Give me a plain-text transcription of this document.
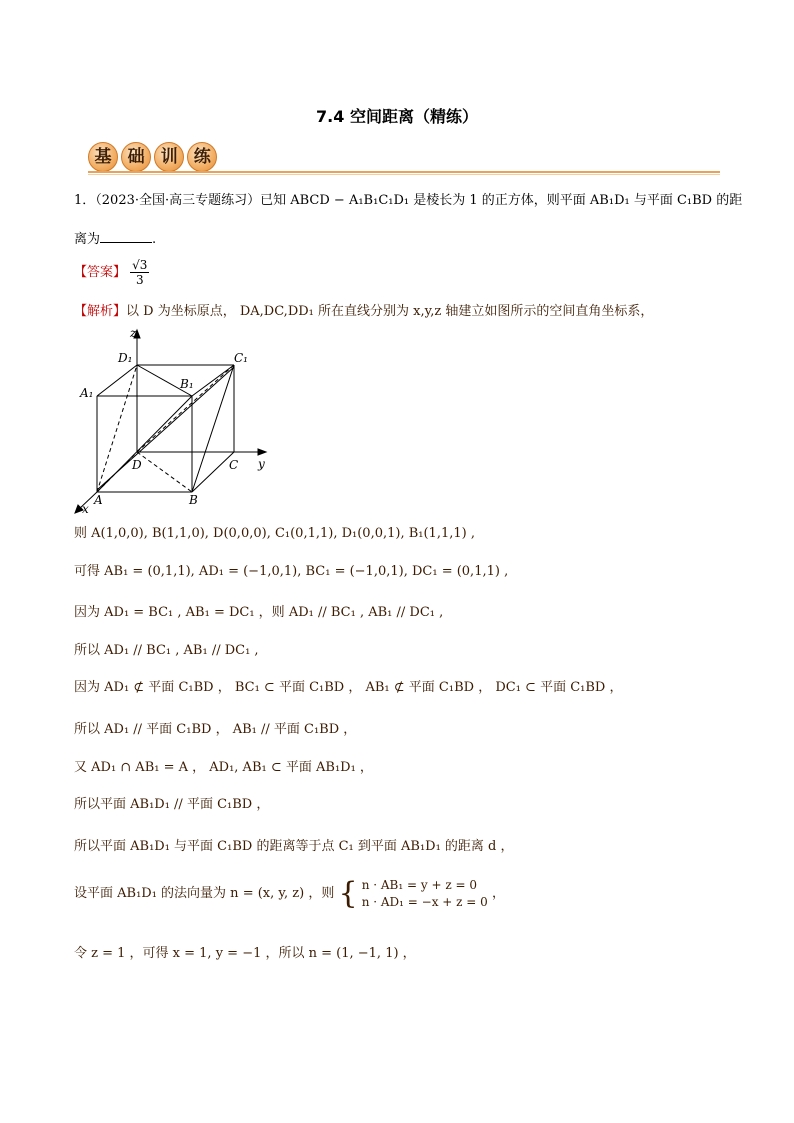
7.4 空间距离（精练）
基 础 训 练
1．（2023·全国·高三专题练习）已知 ABCD − A₁B₁C₁D₁ 是棱长为 1 的正方体，则平面 AB₁D₁ 与平面 C₁BD 的距
离为	.
【答案】 $\frac{√3}{3}$
【解析】以 D 为坐标原点， DA,DC,DD₁ 所在直线分别为 x,y,z 轴建立如图所示的空间直角坐标系，
z
y
x
D₁	C₁
A₁
B₁
D	C
A	B
则 A(1,0,0), B(1,1,0), D(0,0,0), C₁(0,1,1), D₁(0,0,1), B₁(1,1,1) ,
可得 AB₁ = (0,1,1), AD₁ = (−1,0,1), BC₁ = (−1,0,1), DC₁ = (0,1,1) ,
因为 AD₁ = BC₁ , AB₁ = DC₁ ，则 AD₁ // BC₁ , AB₁ // DC₁ ,
所以 AD₁ // BC₁ , AB₁ // DC₁ ,
因为 AD₁ ⊄ 平面 C₁BD ， BC₁ ⊂ 平面 C₁BD ， AB₁ ⊄ 平面 C₁BD ， DC₁ ⊂ 平面 C₁BD ，
所以 AD₁ // 平面 C₁BD ， AB₁ // 平面 C₁BD ，
又 AD₁ ∩ AB₁ = A ， AD₁, AB₁ ⊂ 平面 AB₁D₁ ，
所以平面 AB₁D₁ // 平面 C₁BD ，
所以平面 AB₁D₁ 与平面 C₁BD 的距离等于点 C₁ 到平面 AB₁D₁ 的距离 d ，
设平面 AB₁D₁ 的法向量为 n = (x, y, z) ，则 { n · AB₁ = y + z = 0
n · AD₁ = −x + z = 0
，
令 z = 1 ，可得 x = 1, y = −1 ，所以 n = (1, −1, 1) ，
